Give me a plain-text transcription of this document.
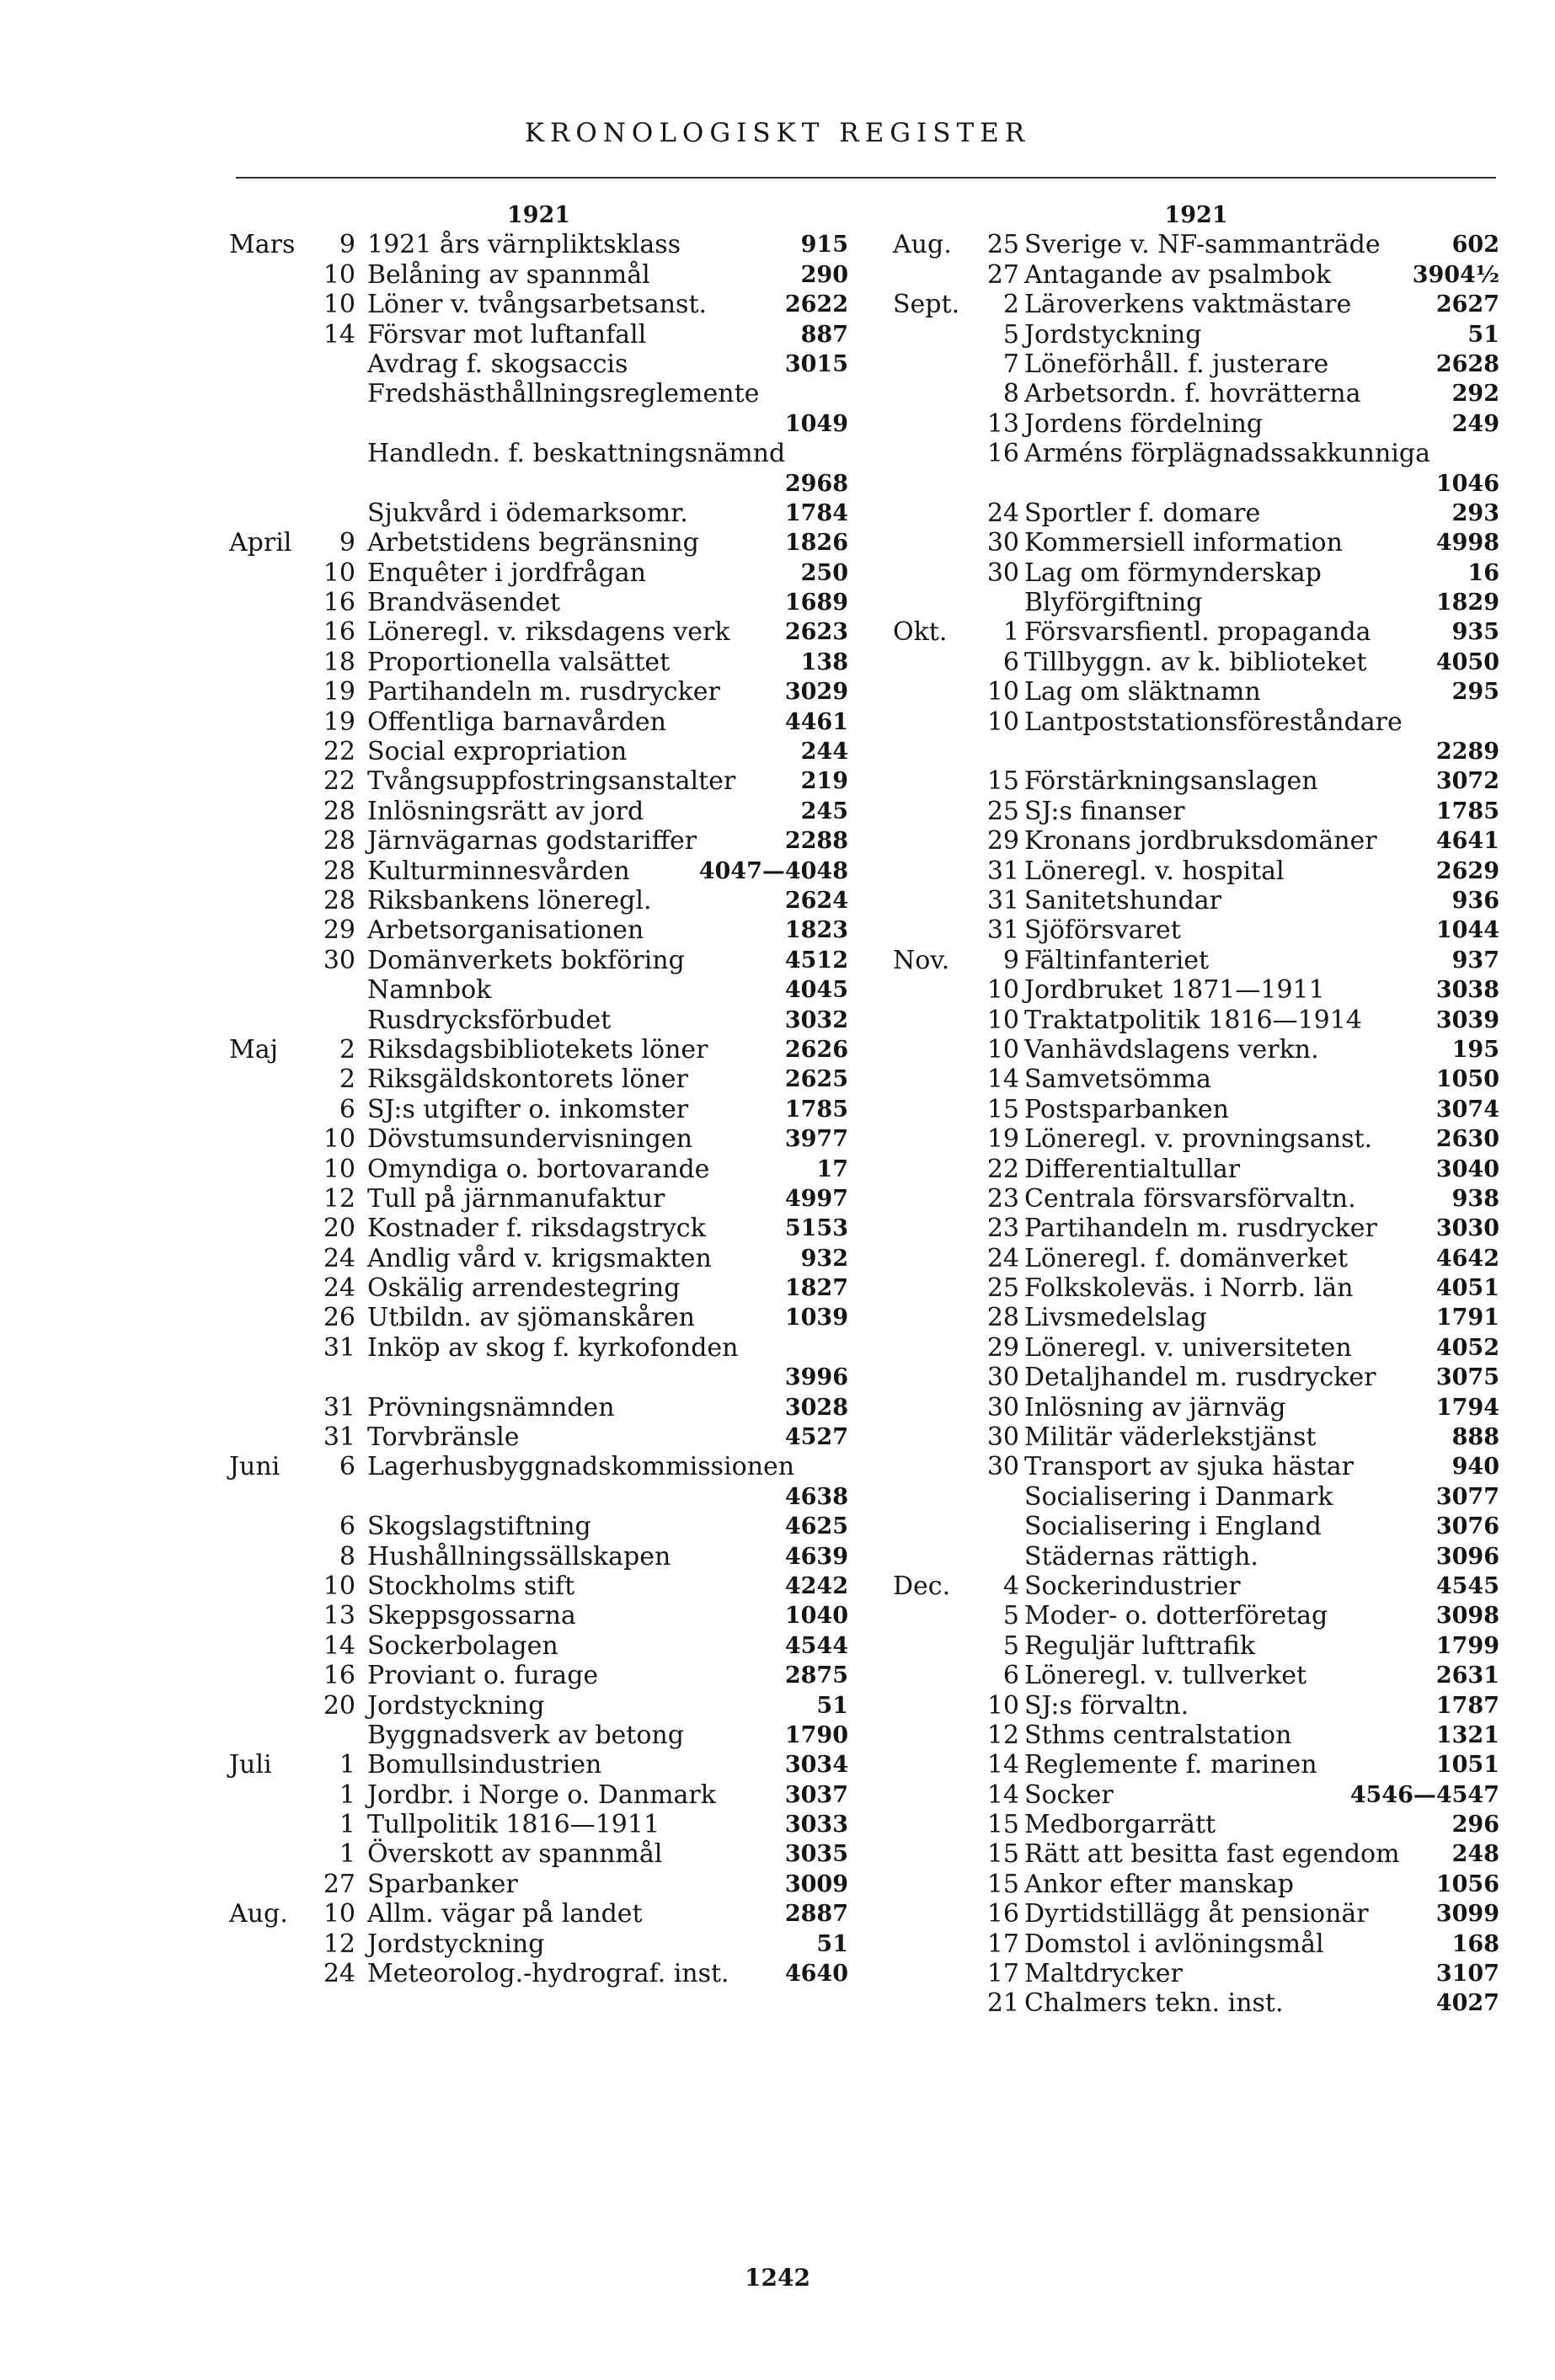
KRONOLOGISKT REGISTER
1921
Mars 9 1921 års värnpliktsklass	915
10 Belåning av spannmål	290
10 Löner v. tvångsarbetsanst.	2622
14 Försvar mot luftanfall	887
Avdrag f. skogsaccis	3015
Fredshästhållningsreglemente
1049
Handledn. f. beskattningsnämnd
2968
Sjukvård i ödemarksomr.	1784
April 9 Arbetstidens begränsning	1826
10 Enquêter i jordfrågan	250
16 Brandväsendet	1689
16 Löneregl. v. riksdagens verk 2623
18 Proportionella valsättet	138
19 Partihandeln m. rusdrycker	3029
19 Offentliga barnavården	4461
22 Social expropriation	244
22 Tvångsuppfostringsanstalter	219
28 Inlösningsrätt av jord	245
28 Järnvägarnas godstariffer	2288
28 Kulturminnesvården	4047—4048
28 Riksbankens löneregl.	2624
29 Arbetsorganisationen	1823
30 Domänverkets bokföring	4512
Namnbok	4045
Rusdrycksförbudet	3032
Maj 2 Riksdagsbibliotekets löner	2626
2 Riksgäldskontorets löner	2625
6 SJ:s utgifter o. inkomster	1785
10 Dövstumsundervisningen	3977
10 Omyndiga o. bortovarande	17
12 Tull på järnmanufaktur	4997
20 Kostnader f. riksdagstryck	5153
24 Andlig vård v. krigsmakten	932
24 Oskälig arrendestegring	1827
26 Utbildn. av sjömanskåren	1039
31 Inköp av skog f. kyrkofonden
3996
31 Prövningsnämnden	3028
31 Torvbränsle	4527
Juni 6 Lagerhusbyggnadskommissionen
4638
6 Skogslagstiftning	4625
8 Hushållningssällskapen	4639
10 Stockholms stift	4242
13 Skeppsgossarna	1040
14 Sockerbolagen	4544
16 Proviant o. furage	2875
20 Jordstyckning	51
Byggnadsverk av betong	1790
Juli	1 Bomullsindustrien	3034
1 Jordbr. i Norge o. Danmark	3037
1 Tullpolitik 1816—1911	3033
1 Överskott av spannmål	3035
27 Sparbanker	3009
Aug. 10 Allm. vägar på landet	2887
12 Jordstyckning	51
24 Meteorolog.-hydrograf. inst. 4640
1921
Aug. 25 Sverige v. NF-sammanträde	602
27 Antagande av psalmbok	3904½
Sept. 2 Läroverkens vaktmästare	2627
5 Jordstyckning	51
7 Löneförhåll. f. justerare	2628
8 Arbetsordn. f. hovrätterna	292
13 Jordens fördelning	249
16 Arméns förplägnadssakkunniga
1046
24 Sportler f. domare	293
30 Kommersiell information	4998
30 Lag om förmynderskap	16
Blyförgiftning	1829
Okt. 1 Försvarsfientl. propaganda	935
6 Tillbyggn. av k. biblioteket	4050
10 Lag om släktnamn	295
10 Lantpoststationsföreståndare
2289
15 Förstärkningsanslagen	3072
25 SJ:s finanser	1785
29 Kronans jordbruksdomäner	4641
31 Löneregl. v. hospital	2629
31 Sanitetshundar	936
31 Sjöförsvaret	1044
Nov. 9 Fältinfanteriet	937
10 Jordbruket 1871—1911	3038
10 Traktatpolitik 1816—1914	3039
10 Vanhävdslagens verkn.	195
14 Samvetsömma	1050
15 Postsparbanken	3074
19 Löneregl. v. provningsanst.	2630
22 Differentialtullar	3040
23 Centrala försvarsförvaltn.	938
23 Partihandeln m. rusdrycker	3030
24 Löneregl. f. domänverket	4642
25 Folkskoleväs. i Norrb. län	4051
28 Livsmedelslag	1791
29 Löneregl. v. universiteten	4052
30 Detaljhandel m. rusdrycker	3075
30 Inlösning av järnväg	1794
30 Militär väderlekstjänst	888
30 Transport av sjuka hästar	940
Socialisering i Danmark	3077
Socialisering i England	3076
Städernas rättigh.	3096
Dec. 4 Sockerindustrier	4545
5 Moder- o. dotterföretag	3098
5 Reguljär lufttrafik	1799
6 Löneregl. v. tullverket	2631
10 SJ:s förvaltn.	1787
12 Sthms centralstation	1321
14 Reglemente f. marinen	1051
14 Socker	4546—4547
15 Medborgarrätt	296
15 Rätt att besitta fast egendom 248
15 Ankor efter manskap	1056
16 Dyrtidstillägg åt pensionär	3099
17 Domstol i avlöningsmål	168
17 Maltdrycker	3107
21 Chalmers tekn. inst.	4027
1242
